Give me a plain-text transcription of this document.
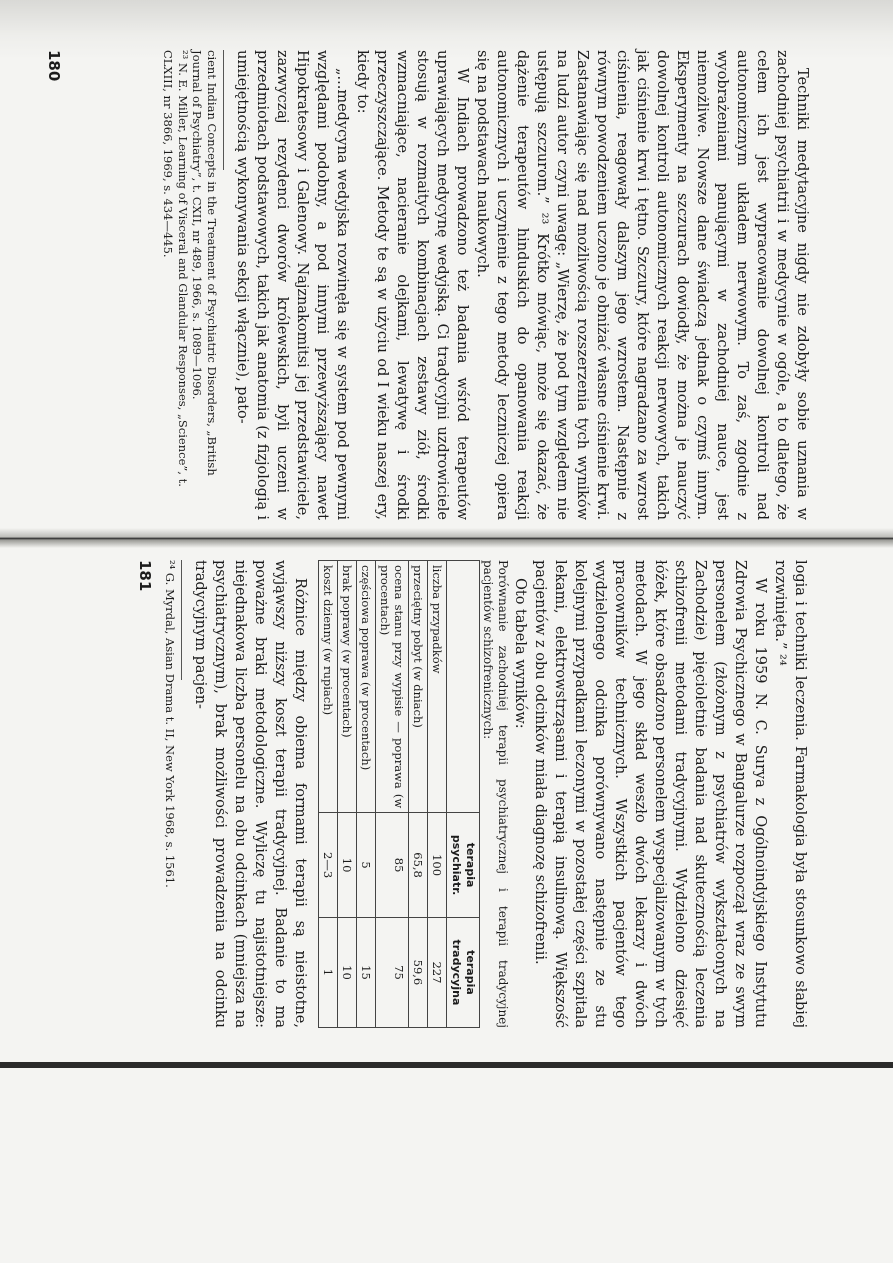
Techniki medytacyjne nigdy nie zdobyły sobie uznania w zachodniej psychiatrii i w medycynie w ogóle, a to dlatego, że celem ich jest wypracowanie dowolnej kontroli nad autonomicznym układem nerwowym. To zaś, zgodnie z wyobrażeniami panującymi w zachodniej nauce, jest niemożliwe. Nowsze dane świadczą jednak o czymś innym. Eksperymenty na szczurach dowiodły, że można je nauczyć dowolnej kontroli autonomicznych reakcji nerwowych, takich jak ciśnienie krwi i tętno. Szczury, które nagradzano za wzrost ciśnienia, reagowały dalszym jego wzrostem. Następnie z równym powodzeniem uczono je obniżać własne ciśnienie krwi. Zastanawiając się nad możliwością rozszerzenia tych wyników na ludzi autor czyni uwagę: „Wierzę, że pod tym względem nie ustępują szczurom.” ²³ Krótko mówiąc, może się okazać, że dążenie terapeutów hinduskich do opanowania reakcji autonomicznych i uczynienie z tego metody leczniczej opiera się na podstawach naukowych.

W Indiach prowadzono też badania wśród terapeutów uprawiających medycynę wedyjską. Ci tradycyjni uzdrowiciele stosują w rozmaitych kombinacjach zestawy ziół, środki wzmacniające, nacieranie olejkami, lewatywę i środki przeczyszczające. Metody te są w użyciu od I wieku naszej ery, kiedy to:

„...medycyna wedyjska rozwinęła się w system pod pewnymi względami podobny, a pod innymi przewyższający nawet Hipokratesowy i Galenowy. Najznakomitsi jej przedstawiciele, zazwyczaj rezydenci dworów królewskich, byli uczeni w przedmiotach podstawowych, takich jak anatomia (z fizjologią i umiejętnością wykonywania sekcji włącznie), pato-

cient Indian Concepts in the Treatment of Psychiatric Disorders, „British Journal of Psychiatry”, t. CXII, nr 489, 1966, s. 1089—1096.

²³ N. E. Miller, Learning of Visceral and Glandular Responses, „Science”, t. CLXIII, nr 3866, 1969, s. 434—445.

180

logia i techniki leczenia. Farmakologia była stosunkowo słabiej rozwinięta.” ²⁴

W roku 1959 N. C. Surya z Ogólnoindyjskiego Instytutu Zdrowia Psychicznego w Bangalurze rozpoczął wraz ze swym personelem (złożonym z psychiatrów wykształconych na Zachodzie) pięcioletnie badania nad skutecznością leczenia schizofrenii metodami tradycyjnymi. Wydzielono dziesięć łóżek, które obsadzono personelem wyspecjalizowanym w tych metodach. W jego skład weszło dwóch lekarzy i dwóch pracowników technicznych. Wszystkich pacjentów tego wydzielonego odcinka porównywano następnie ze stu kolejnymi przypadkami leczonymi w pozostałej części szpitala lekami, elektrowstrząsami i terapią insulinową. Większość pacjentów z obu odcinków miała diagnozę schizofrenii.

Oto tabela wyników:

Porównanie zachodniej terapii psychiatrycznej i terapii tradycyjnej pacjentów schizofrenicznych:

	terapia psychiatr.	terapia tradycyjna
liczba przypadków	100	227
przeciętny pobyt (w dniach)	65,8	59,6
ocena stanu przy wypisie — poprawa (w procentach)	85	75
częściowa poprawa (w procentach)	5	15
brak poprawy (w procentach)	10	10
koszt dzienny (w rupiach)	2—3	1

Różnice między obiema formami terapii są nieistotne, wyjąwszy niższy koszt terapii tradycyjnej. Badanie to ma poważne braki metodologiczne. Wyliczę tu najistotniejsze: niejednakowa liczba personelu na obu odcinkach (mniejsza na psychiatrycznym), brak możliwości prowadzenia na odcinku tradycyjnym pacjen-

²⁴ G. Myrdal, Asian Drama t. II, New York 1968, s. 1561.

181
